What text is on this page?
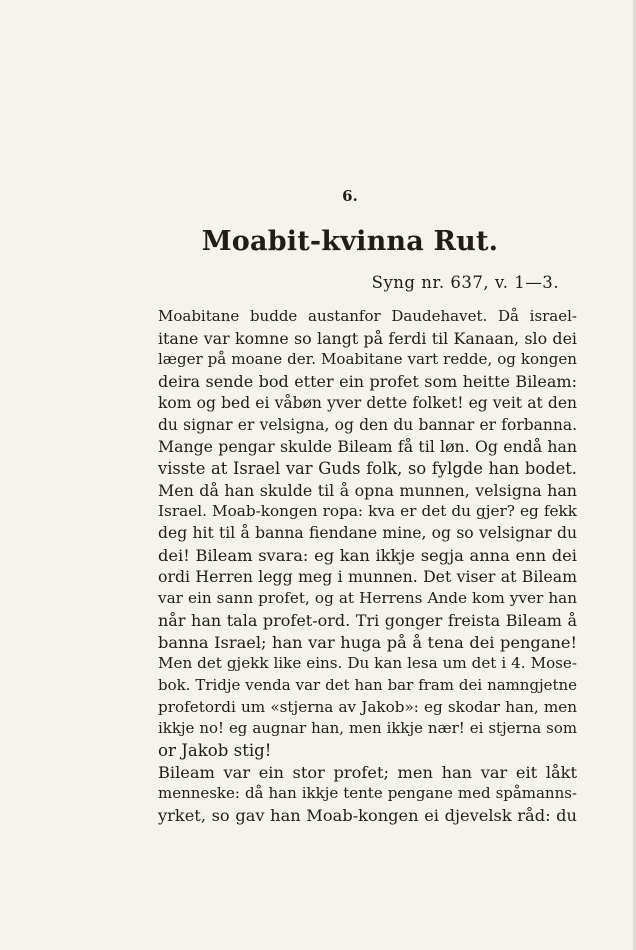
6.
Moabit-kvinna Rut.
Syng nr. 637, v. 1—3.

Moabitane budde austanfor Daudehavet. Då israel-
itane var komne so langt på ferdi til Kanaan, slo dei
læger på moane der. Moabitane vart redde, og kongen
deira sende bod etter ein profet som heitte Bileam:
kom og bed ei våbøn yver dette folket! eg veit at den
du signar er velsigna, og den du bannar er forbanna.
Mange pengar skulde Bileam få til løn. Og endå han
visste at Israel var Guds folk, so fylgde han bodet.
Men då han skulde til å opna munnen, velsigna han
Israel. Moab-kongen ropa: kva er det du gjer? eg fekk
deg hit til å banna fiendane mine, og so velsignar du
dei! Bileam svara: eg kan ikkje segja anna enn dei
ordi Herren legg meg i munnen. Det viser at Bileam
var ein sann profet, og at Herrens Ande kom yver han
når han tala profet-ord. Tri gonger freista Bileam å
banna Israel; han var huga på å tena dei pengane!
Men det gjekk like eins. Du kan lesa um det i 4. Mose-
bok. Tridje venda var det han bar fram dei namngjetne
profetordi um «stjerna av Jakob»: eg skodar han, men
ikkje no! eg augnar han, men ikkje nær! ei stjerna som
or Jakob stig!

Bileam var ein stor profet; men han var eit låkt
menneske: då han ikkje tente pengane med spåmanns-
yrket, so gav han Moab-kongen ei djevelsk råd: du
